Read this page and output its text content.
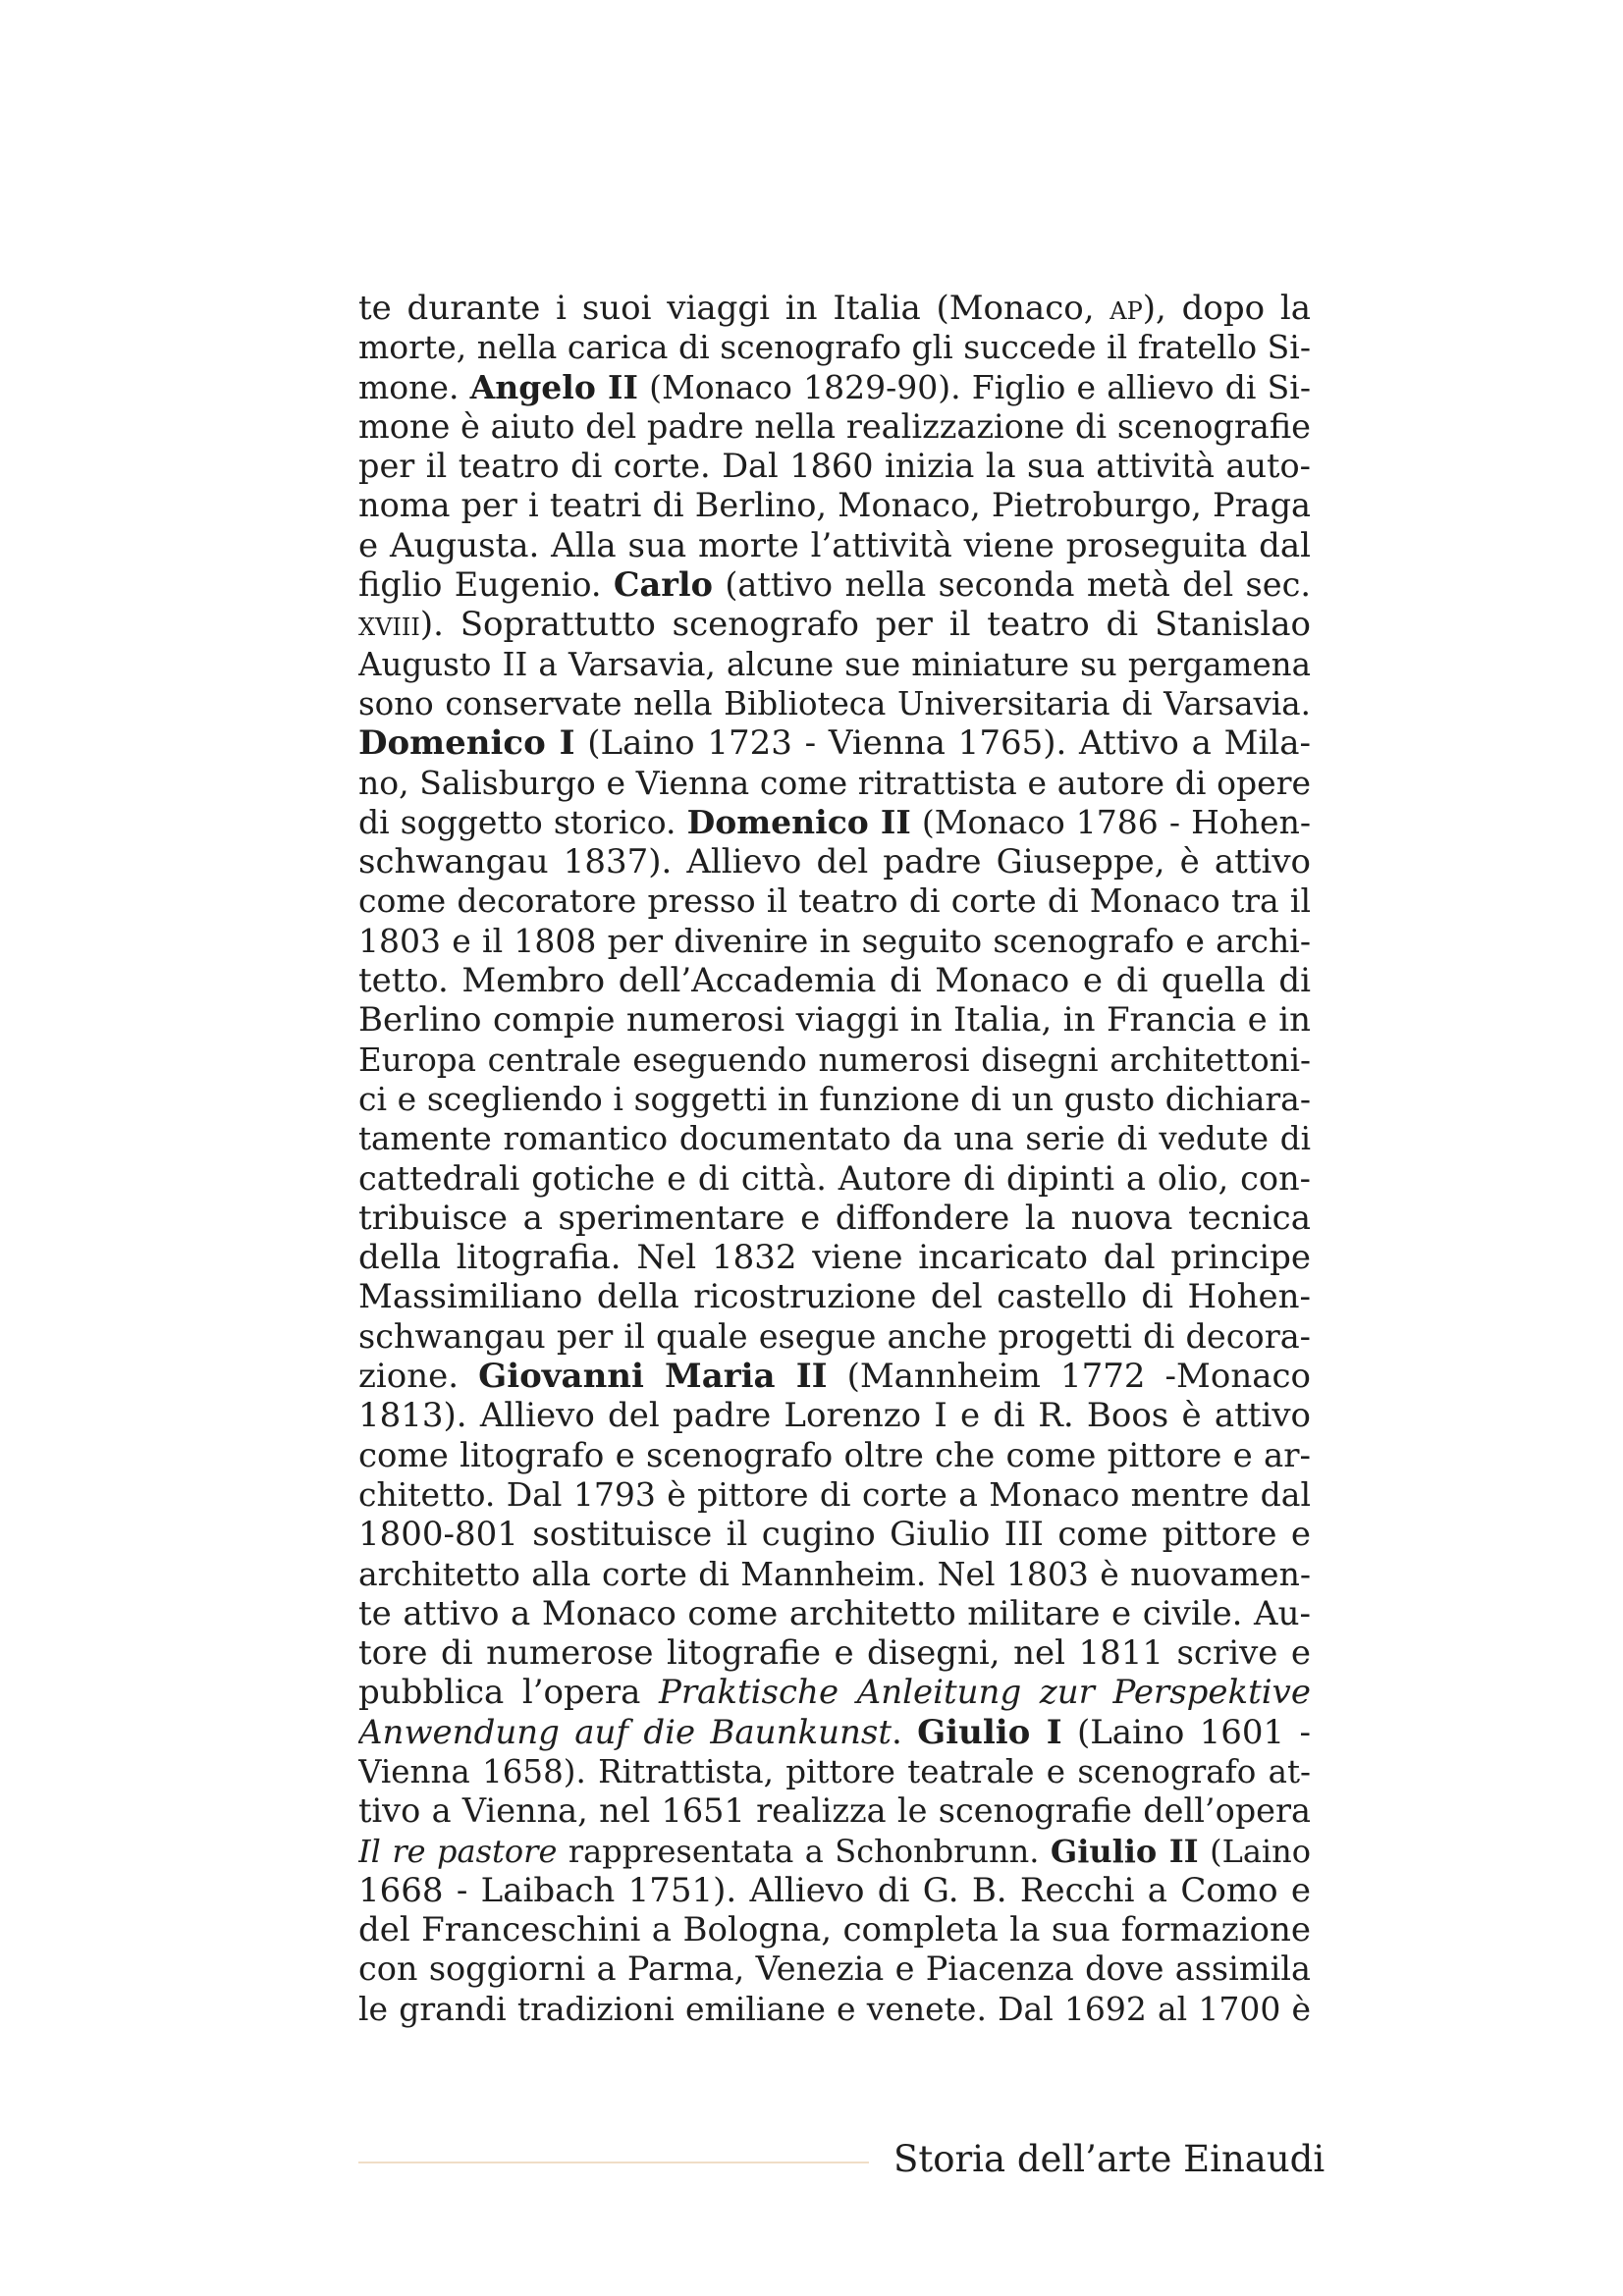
te durante i suoi viaggi in Italia (Monaco, ap), dopo la
morte, nella carica di scenografo gli succede il fratello Si-
mone. Angelo II (Monaco 1829-90). Figlio e allievo di Si-
mone è aiuto del padre nella realizzazione di scenografie
per il teatro di corte. Dal 1860 inizia la sua attività auto-
noma per i teatri di Berlino, Monaco, Pietroburgo, Praga
e Augusta. Alla sua morte l’attività viene proseguita dal
figlio Eugenio. Carlo (attivo nella seconda metà del sec.
xviii). Soprattutto scenografo per il teatro di Stanislao
Augusto II a Varsavia, alcune sue miniature su pergamena
sono conservate nella Biblioteca Universitaria di Varsavia.
Domenico I (Laino 1723 - Vienna 1765). Attivo a Mila-
no, Salisburgo e Vienna come ritrattista e autore di opere
di soggetto storico. Domenico II (Monaco 1786 - Hohen-
schwangau 1837). Allievo del padre Giuseppe, è attivo
come decoratore presso il teatro di corte di Monaco tra il
1803 e il 1808 per divenire in seguito scenografo e archi-
tetto. Membro dell’Accademia di Monaco e di quella di
Berlino compie numerosi viaggi in Italia, in Francia e in
Europa centrale eseguendo numerosi disegni architettoni-
ci e scegliendo i soggetti in funzione di un gusto dichiara-
tamente romantico documentato da una serie di vedute di
cattedrali gotiche e di città. Autore di dipinti a olio, con-
tribuisce a sperimentare e diffondere la nuova tecnica
della litografia. Nel 1832 viene incaricato dal principe
Massimiliano della ricostruzione del castello di Hohen-
schwangau per il quale esegue anche progetti di decora-
zione. Giovanni Maria II (Mannheim 1772 -Monaco
1813). Allievo del padre Lorenzo I e di R. Boos è attivo
come litografo e scenografo oltre che come pittore e ar-
chitetto. Dal 1793 è pittore di corte a Monaco mentre dal
1800-801 sostituisce il cugino Giulio III come pittore e
architetto alla corte di Mannheim. Nel 1803 è nuovamen-
te attivo a Monaco come architetto militare e civile. Au-
tore di numerose litografie e disegni, nel 1811 scrive e
pubblica l’opera Praktische Anleitung zur Perspektive
Anwendung auf die Baunkunst. Giulio I (Laino 1601 -
Vienna 1658). Ritrattista, pittore teatrale e scenografo at-
tivo a Vienna, nel 1651 realizza le scenografie dell’opera
Il re pastore rappresentata a Schonbrunn. Giulio II (Laino
1668 - Laibach 1751). Allievo di G. B. Recchi a Como e
del Franceschini a Bologna, completa la sua formazione
con soggiorni a Parma, Venezia e Piacenza dove assimila
le grandi tradizioni emiliane e venete. Dal 1692 al 1700 è
Storia dell’arte Einaudi
